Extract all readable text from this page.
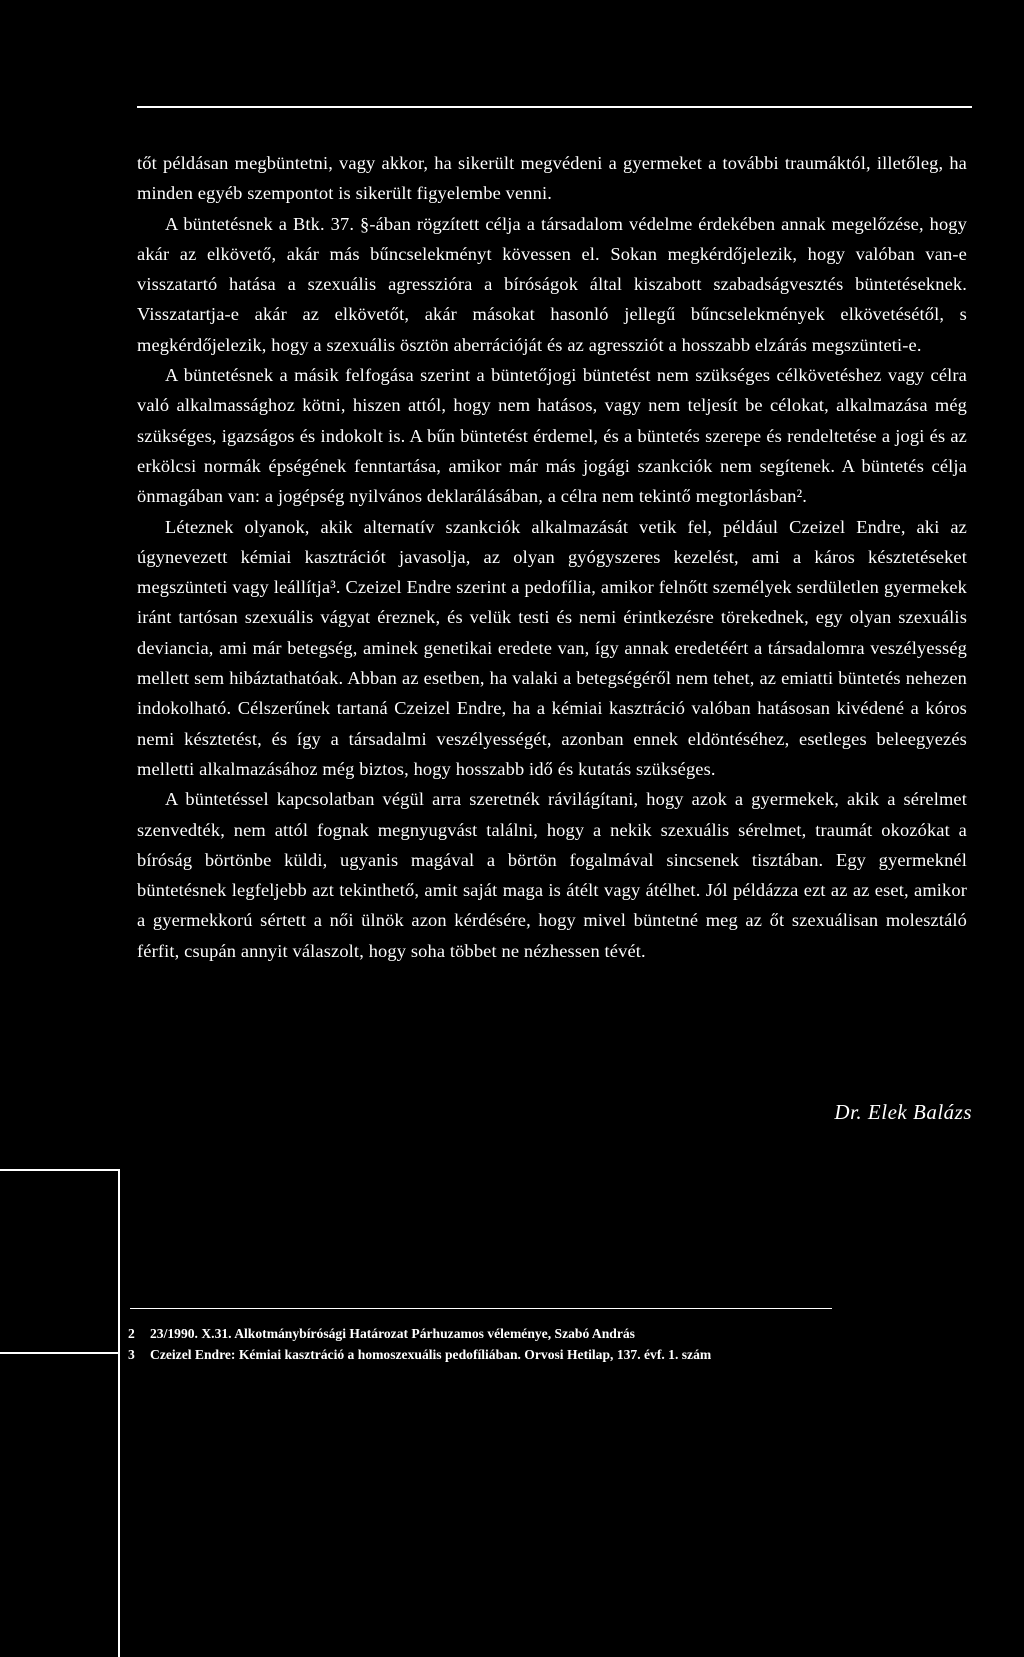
tőt példásan megbüntetni, vagy akkor, ha sikerült megvédeni a gyermeket a további traumáktól, illetőleg, ha minden egyéb szempontot is sikerült figyelembe venni.

A büntetésnek a Btk. 37. §-ában rögzített célja a társadalom védelme érdekében annak megelőzése, hogy akár az elkövető, akár más bűncselekményt kövessen el. Sokan megkérdőjelezik, hogy valóban van-e visszatartó hatása a szexuális agresszióra a bíróságok által kiszabott szabadságvesztés büntetéseknek. Visszatartja-e akár az elkövetőt, akár másokat hasonló jellegű bűncselekmények elkövetésétől, s megkérdőjelezik, hogy a szexuális ösztön aberrációját és az agressziót a hosszabb elzárás megszünteti-e.

A büntetésnek a másik felfogása szerint a büntetőjogi büntetést nem szükséges célkövetéshez vagy célra való alkalmassághoz kötni, hiszen attól, hogy nem hatásos, vagy nem teljesít be célokat, alkalmazása még szükséges, igazságos és indokolt is. A bűn büntetést érdemel, és a büntetés szerepe és rendeltetése a jogi és az erkölcsi normák épségének fenntartása, amikor már más jogági szankciók nem segítenek. A büntetés célja önmagában van: a jogépség nyilvános deklarálásában, a célra nem tekintő megtorlásban².

Léteznek olyanok, akik alternatív szankciók alkalmazását vetik fel, például Czeizel Endre, aki az úgynevezett kémiai kasztrációt javasolja, az olyan gyógyszeres kezelést, ami a káros késztetéseket megszünteti vagy leállítja³. Czeizel Endre szerint a pedofília, amikor felnőtt személyek serdületlen gyermekek iránt tartósan szexuális vágyat éreznek, és velük testi és nemi érintkezésre törekednek, egy olyan szexuális deviancia, ami már betegség, aminek genetikai eredete van, így annak eredetéért a társadalomra veszélyesség mellett sem hibáztathatóak. Abban az esetben, ha valaki a betegségéről nem tehet, az emiatti büntetés nehezen indokolható. Célszerűnek tartaná Czeizel Endre, ha a kémiai kasztráció valóban hatásosan kivédené a kóros nemi késztetést, és így a társadalmi veszélyességét, azonban ennek eldöntéséhez, esetleges beleegyezés melletti alkalmazásához még biztos, hogy hosszabb idő és kutatás szükséges.

A büntetéssel kapcsolatban végül arra szeretnék rávilágítani, hogy azok a gyermekek, akik a sérelmet szenvedték, nem attól fognak megnyugvást találni, hogy a nekik szexuális sérelmet, traumát okozókat a bíróság börtönbe küldi, ugyanis magával a börtön fogalmával sincsenek tisztában. Egy gyermeknél büntetésnek legfeljebb azt tekinthető, amit saját maga is átélt vagy átélhet. Jól példázza ezt az az eset, amikor a gyermekkorú sértett a női ülnök azon kérdésére, hogy mivel büntetné meg az őt szexuálisan molesztáló férfit, csupán annyit válaszolt, hogy soha többet ne nézhessen tévét.

Dr. Elek Balázs
2 23/1990. X.31. Alkotmánybírósági Határozat Párhuzamos véleménye, Szabó András
3 Czeizel Endre: Kémiai kasztráció a homoszexuális pedofíliában. Orvosi Hetilap, 137. évf. 1. szám
